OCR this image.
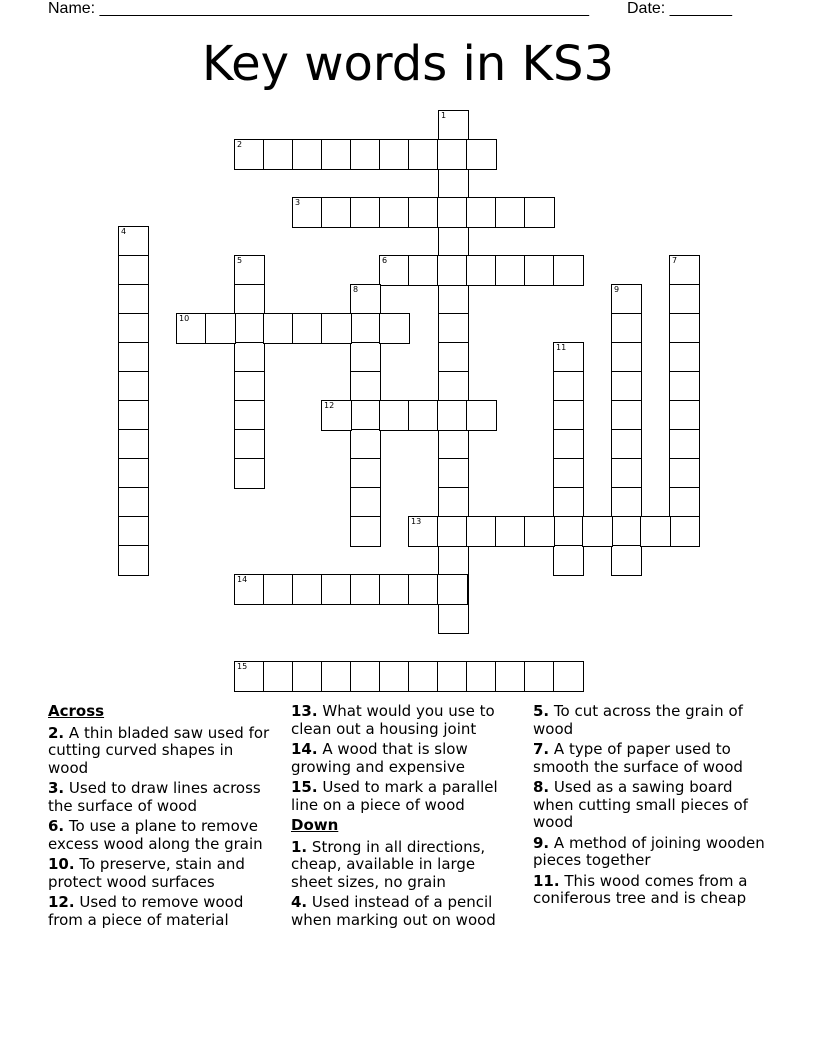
Name: _______________________________________________________ Date: _______
Key words in KS3
1
2
3
4
5	6	7
8	9
10
11
12
13
14
15
Across
2. A thin bladed saw used for cutting curved shapes in wood
3. Used to draw lines across the surface of wood
6. To use a plane to remove excess wood along the grain
10. To preserve, stain and protect wood surfaces
12. Used to remove wood from a piece of material
13. What would you use to clean out a housing joint
14. A wood that is slow growing and expensive
15. Used to mark a parallel line on a piece of wood
Down
1. Strong in all directions, cheap, available in large sheet sizes, no grain
4. Used instead of a pencil when marking out on wood
5. To cut across the grain of wood
7. A type of paper used to smooth the surface of wood
8. Used as a sawing board when cutting small pieces of wood
9. A method of joining wooden pieces together
11. This wood comes from a coniferous tree and is cheap
